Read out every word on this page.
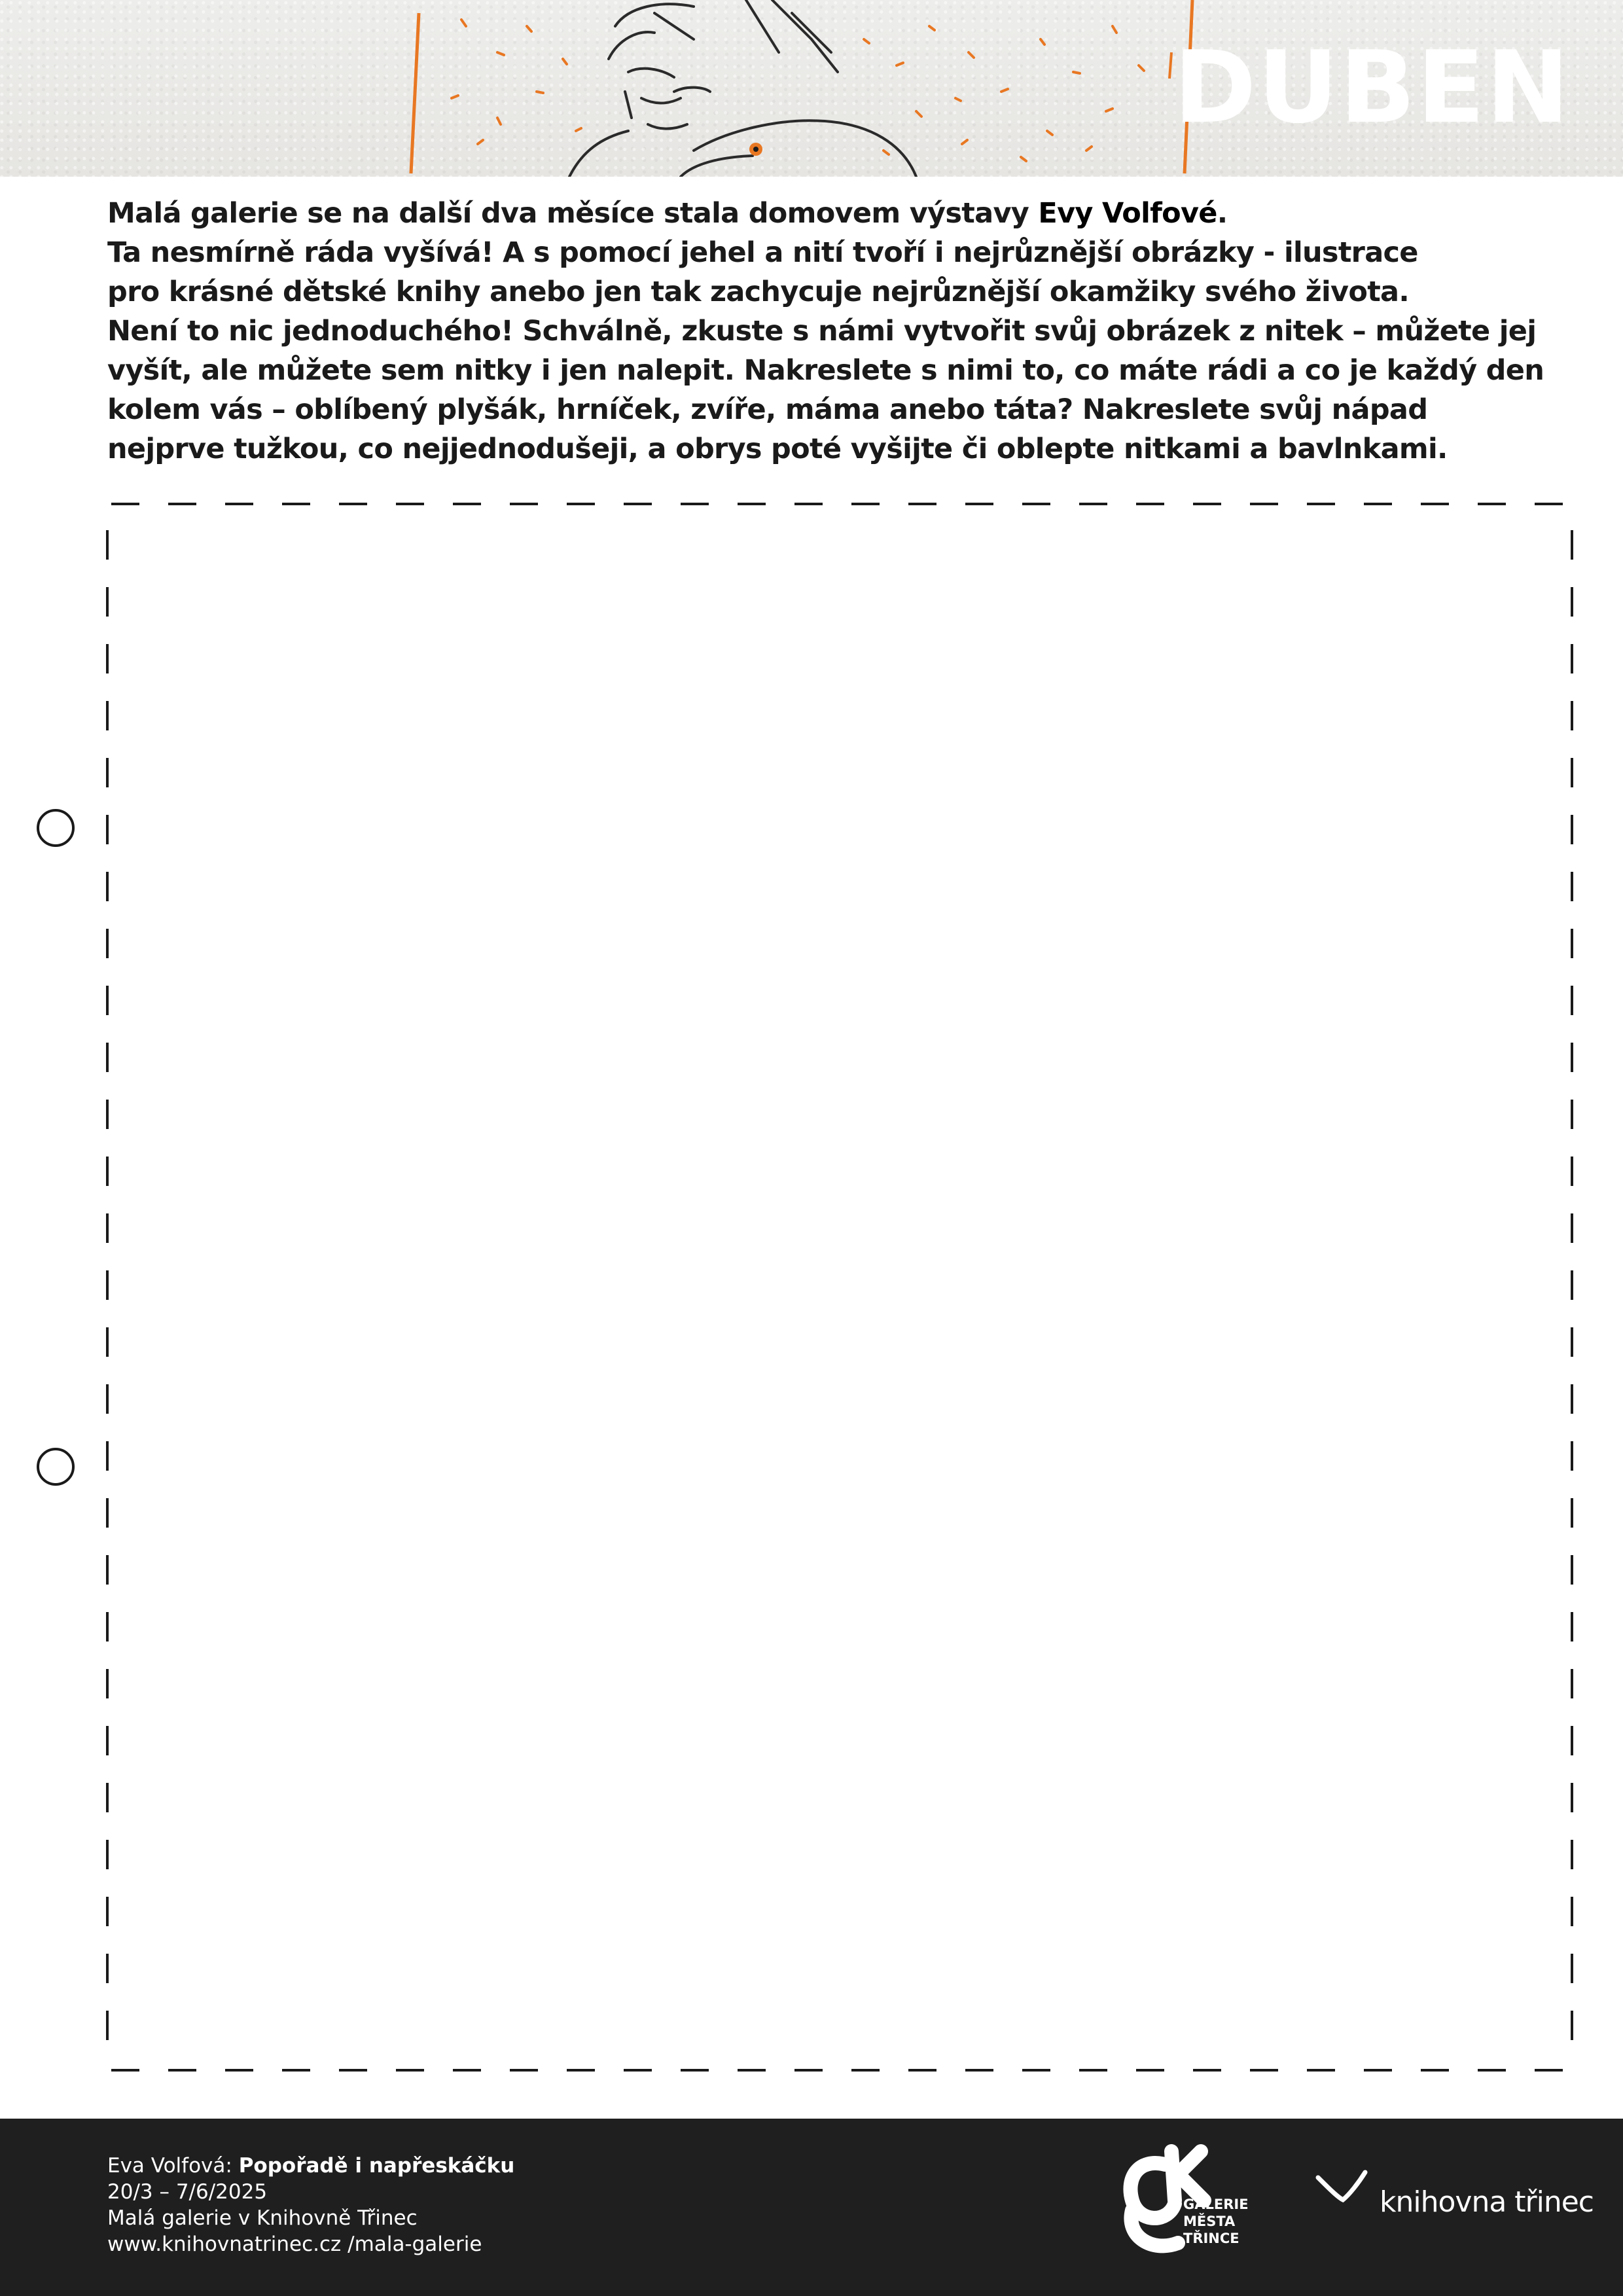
DUBEN

Malá galerie se na další dva měsíce stala domovem výstavy Evy Volfové.
Ta nesmírně ráda vyšívá! A s pomocí jehel a nití tvoří i nejrůznější obrázky - ilustrace
pro krásné dětské knihy anebo jen tak zachycuje nejrůznější okamžiky svého života.
Není to nic jednoduchého! Schválně, zkuste s námi vytvořit svůj obrázek z nitek – můžete jej
vyšít, ale můžete sem nitky i jen nalepit. Nakreslete s nimi to, co máte rádi a co je každý den
kolem vás – oblíbený plyšák, hrníček, zvíře, máma anebo táta? Nakreslete svůj nápad
nejprve tužkou, co nejjednodušeji, a obrys poté vyšijte či oblepte nitkami a bavlnkami.

Eva Volfová: Popořadě i napřeskáčku
20/3 – 7/6/2025
Malá galerie v Knihovně Třinec
www.knihovnatrinec.cz /mala-galerie
GALERIE
MĚSTA
TŘINCE
knihovna třinec
